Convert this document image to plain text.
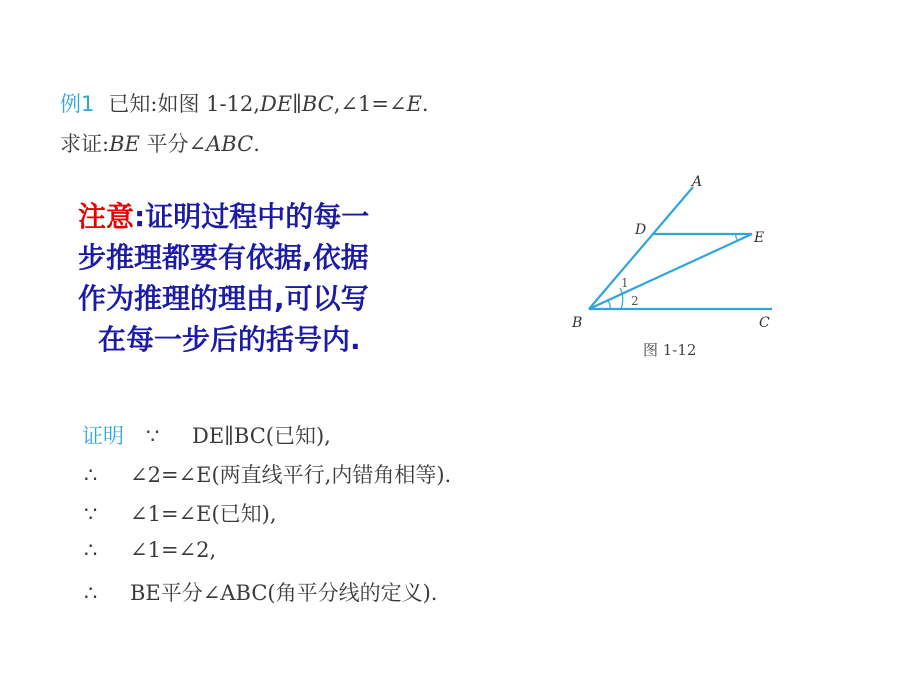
例1 已知:如图 1-12,DE∥BC,∠1=∠E.
求证:BE 平分∠ABC.
注意:证明过程中的每一
步推理都要有依据,依据
作为推理的理由,可以写
在每一步后的括号内.
A
D	E
B	C
1
2
图 1-12
证明 ∵ DE∥BC(已知),
∴ ∠2=∠E(两直线平行,内错角相等).
∵ ∠1=∠E(已知),
∴ ∠1=∠2,
∴ BE平分∠ABC(角平分线的定义).
